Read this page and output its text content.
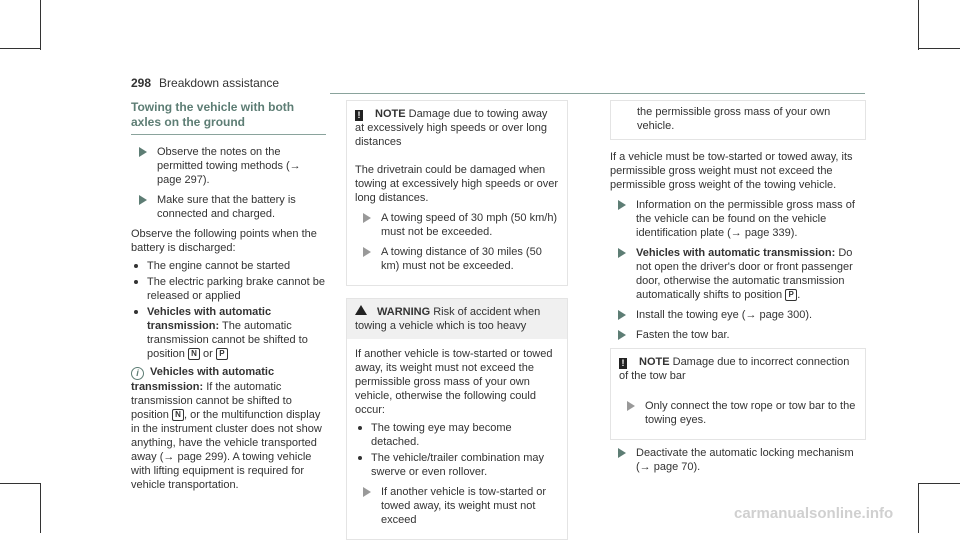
298 Breakdown assistance
Towing the vehicle with both axles on the ground
Observe the notes on the permitted towing methods (→ page 297).
Make sure that the battery is connected and charged.

Observe the following points when the battery is discharged:

The engine cannot be started
The electric parking brake cannot be released or applied
Vehicles with automatic transmission: The automatic transmission cannot be shifted to position N or P

i Vehicles with automatic transmission: If the automatic transmission cannot be shifted to position N , or the multifunction display in the instrument cluster does not show anything, have the vehicle transported away (→ page 299). A towing vehicle with lifting equipment is required for vehicle transportation.

! NOTE Damage due to towing away at excessively high speeds or over long distances

The drivetrain could be damaged when towing at excessively high speeds or over long distances.

A towing speed of 30 mph (50 km/h) must not be exceeded.
A towing distance of 30 miles (50 km) must not be exceeded.
WARNING Risk of accident when towing a vehicle which is too heavy

If another vehicle is tow-started or towed away, its weight must not exceed the permissible gross mass of your own vehicle, otherwise the following could occur:

The towing eye may become detached.
The vehicle/trailer combination may swerve or even rollover.
If another vehicle is tow-started or towed away, its weight must not exceed
the permissible gross mass of your own vehicle.

If a vehicle must be tow-started or towed away, its permissible gross weight must not exceed the permissible gross weight of the towing vehicle.

Information on the permissible gross mass of the vehicle can be found on the vehicle identification plate (→ page 339).
Vehicles with automatic transmission: Do not open the driver's door or front passenger door, otherwise the automatic transmission automatically shifts to position P .
Install the towing eye (→ page 300).
Fasten the tow bar.
! NOTE Damage due to incorrect connection of the tow bar
Only connect the tow rope or tow bar to the towing eyes.
Deactivate the automatic locking mechanism (→ page 70).
carmanualsonline.info
